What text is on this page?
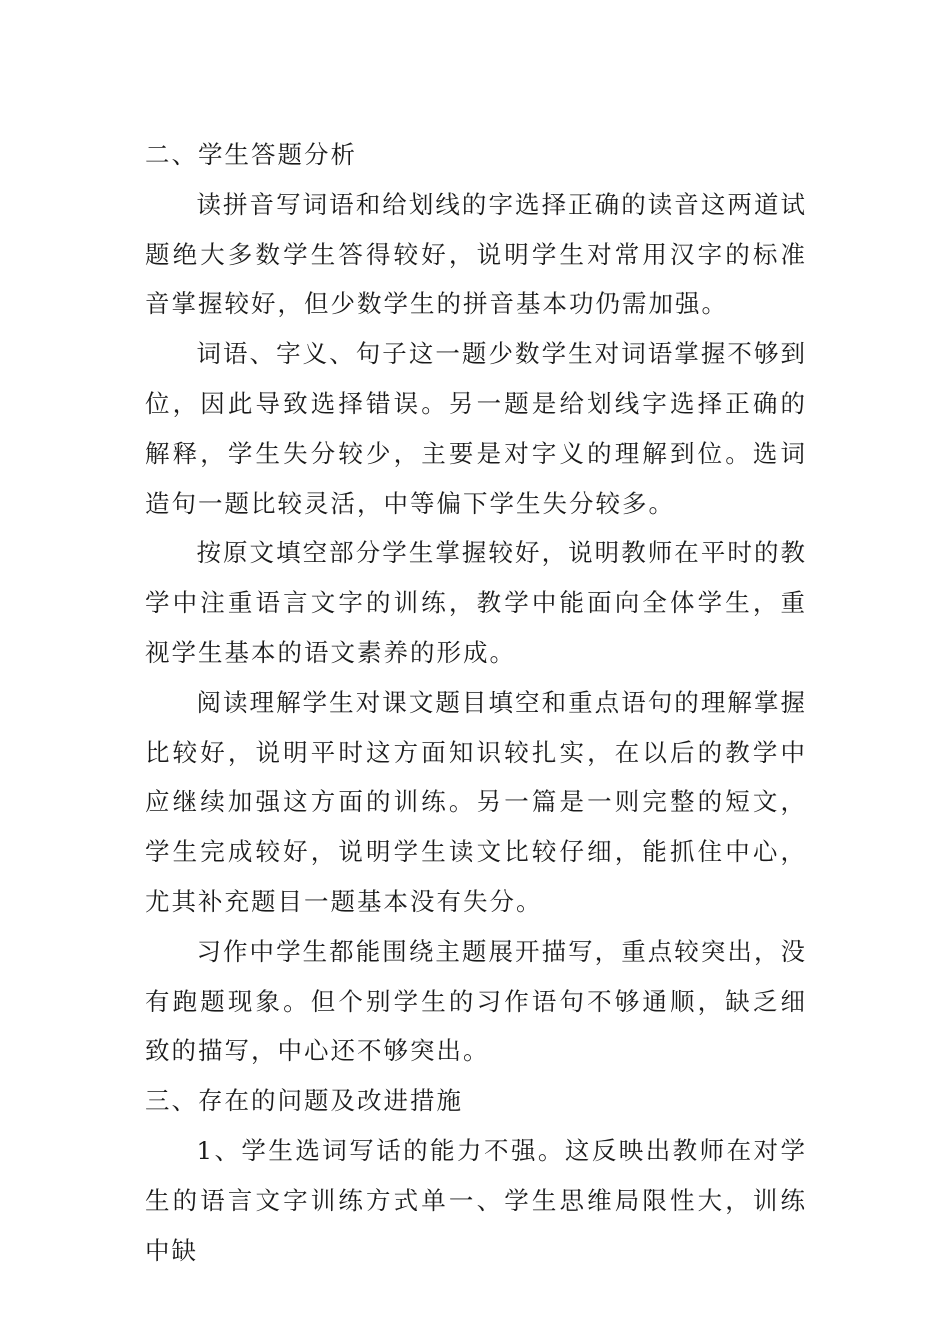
二、学生答题分析

读拼音写词语和给划线的字选择正确的读音这两道试题绝大多数学生答得较好，说明学生对常用汉字的标准音掌握较好，但少数学生的拼音基本功仍需加强。

词语、字义、句子这一题少数学生对词语掌握不够到位，因此导致选择错误。另一题是给划线字选择正确的解释，学生失分较少，主要是对字义的理解到位。选词造句一题比较灵活，中等偏下学生失分较多。

按原文填空部分学生掌握较好，说明教师在平时的教学中注重语言文字的训练，教学中能面向全体学生，重视学生基本的语文素养的形成。

阅读理解学生对课文题目填空和重点语句的理解掌握比较好，说明平时这方面知识较扎实，在以后的教学中应继续加强这方面的训练。另一篇是一则完整的短文，学生完成较好，说明学生读文比较仔细，能抓住中心，尤其补充题目一题基本没有失分。

习作中学生都能围绕主题展开描写，重点较突出，没有跑题现象。但个别学生的习作语句不够通顺，缺乏细致的描写，中心还不够突出。

三、存在的问题及改进措施

1、学生选词写话的能力不强。这反映出教师在对学生的语言文字训练方式单一、学生思维局限性大，训练中缺
